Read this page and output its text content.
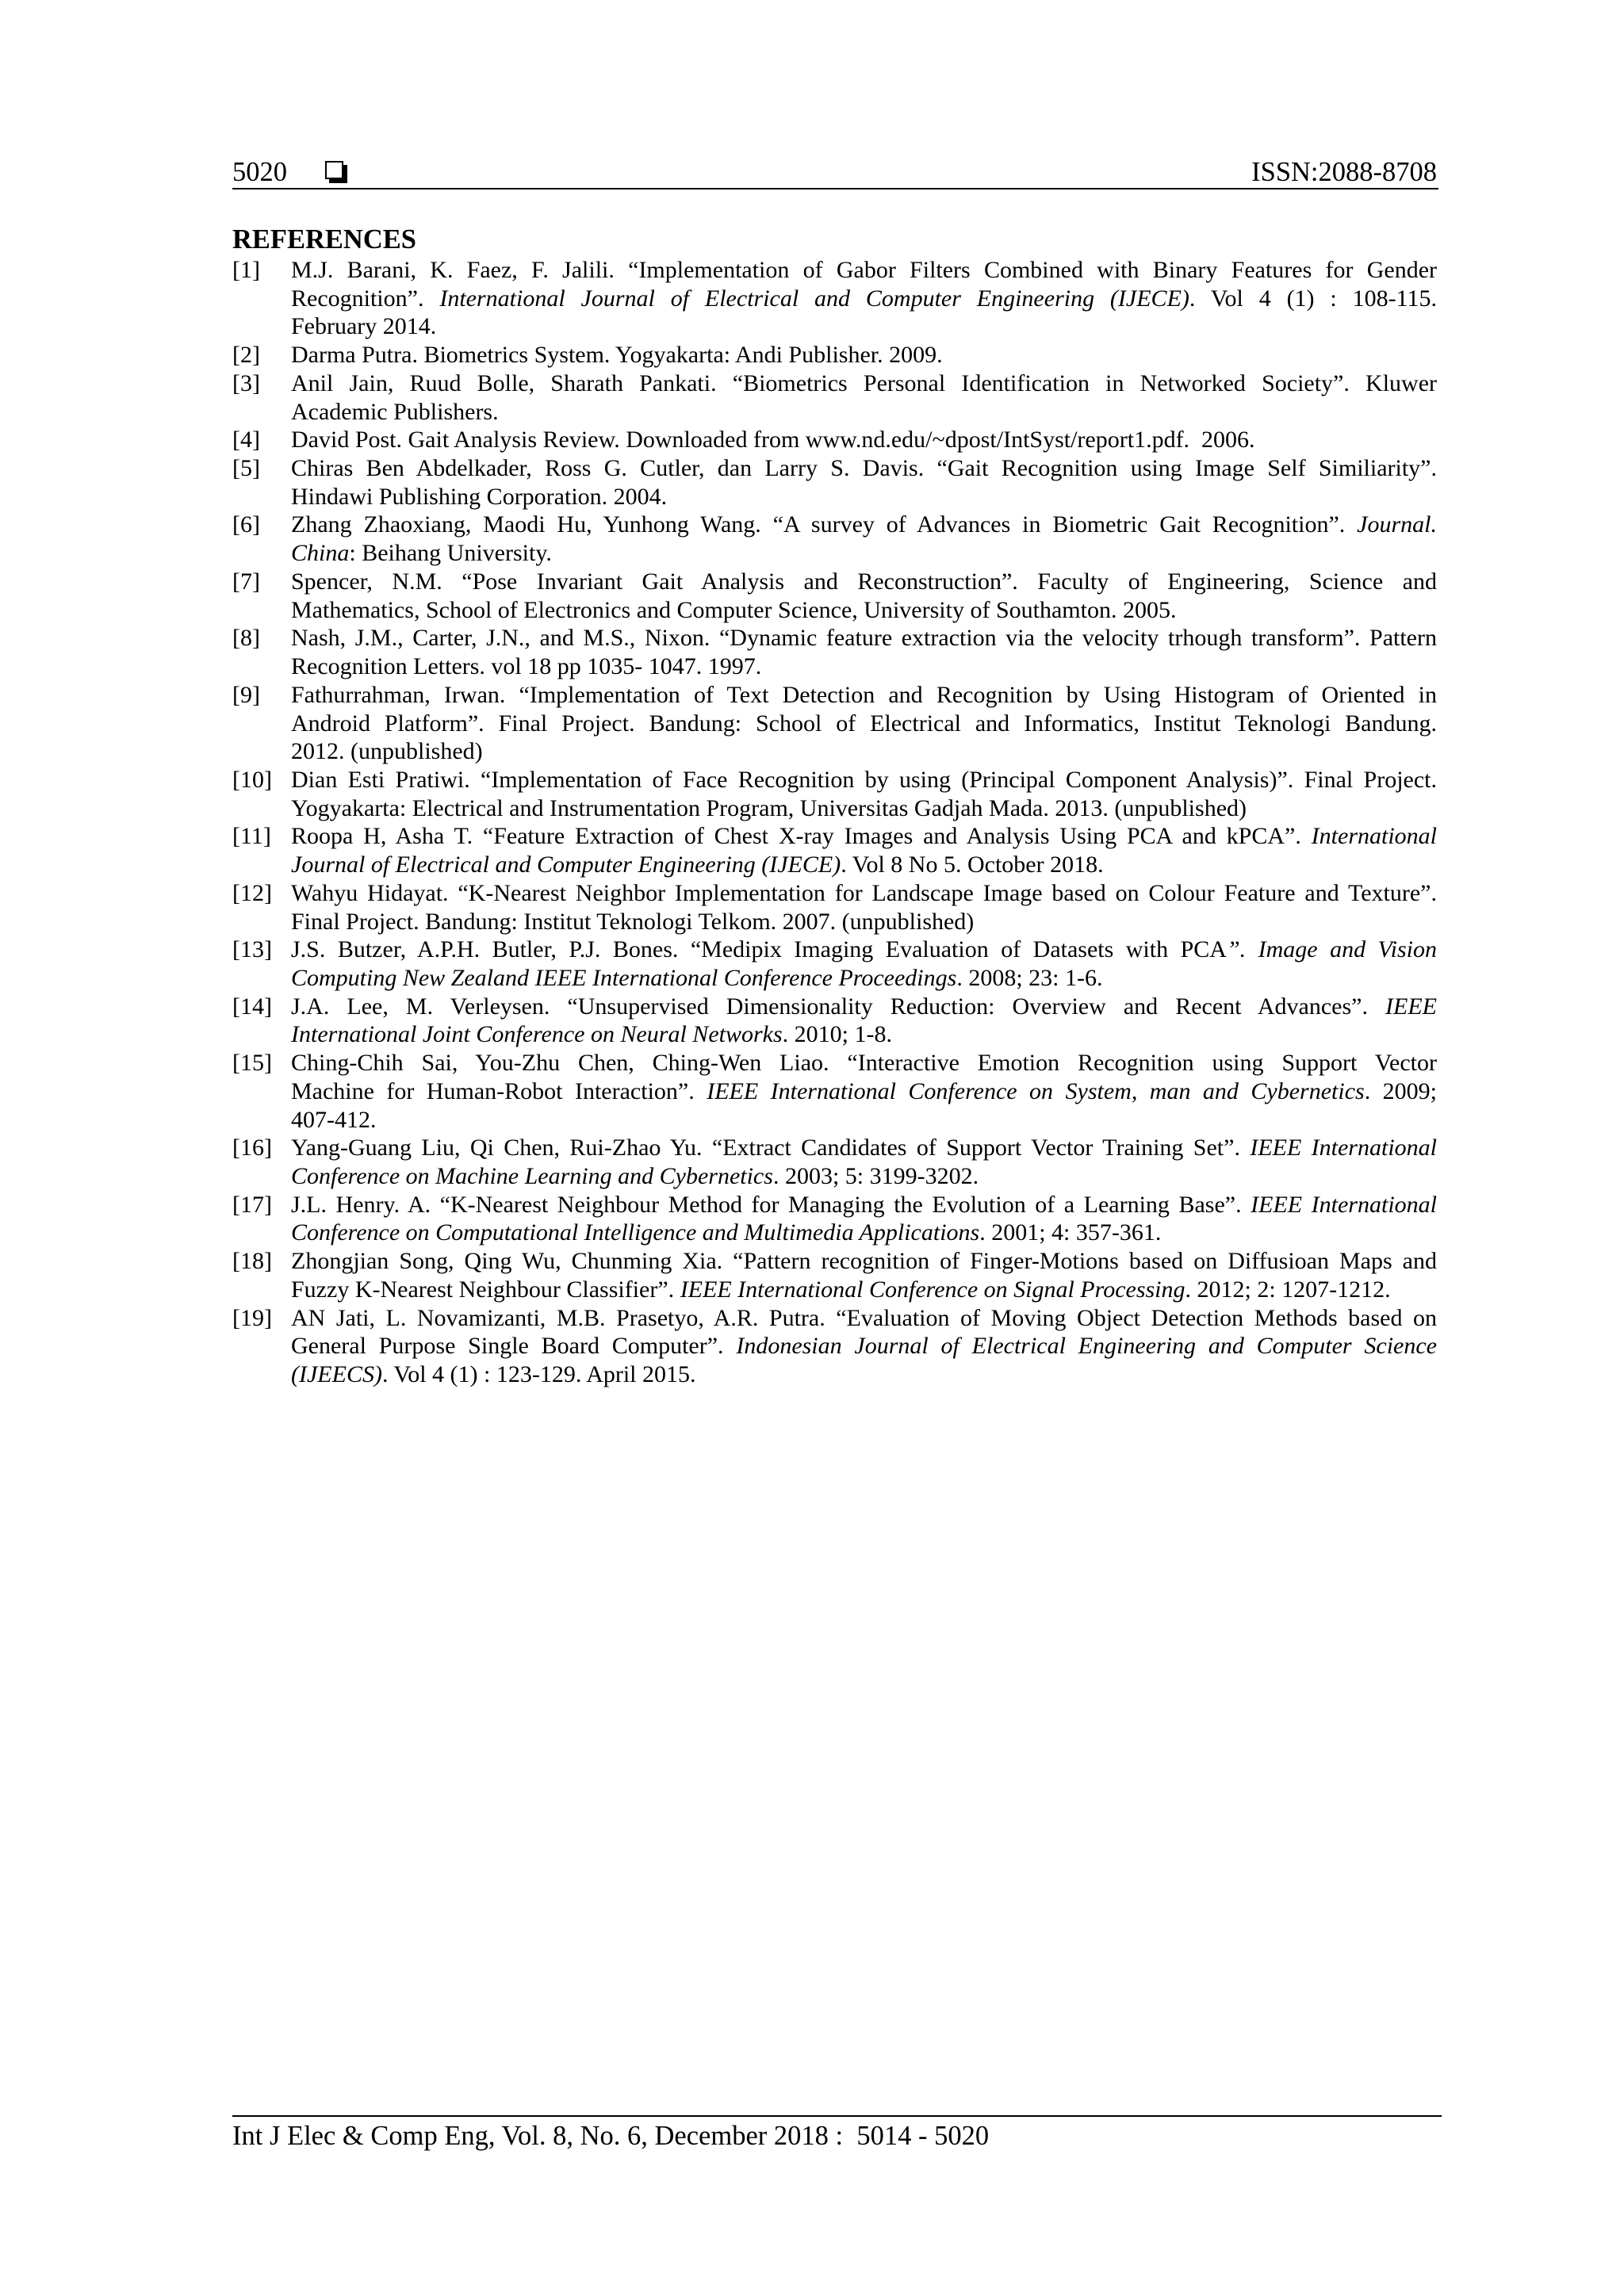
5020	ISSN:2088-8708
REFERENCES
[1] M.J. Barani, K. Faez, F. Jalili. “Implementation of Gabor Filters Combined with Binary Features for Gender
Recognition”. International Journal of Electrical and Computer Engineering (IJECE). Vol 4 (1) : 108-115.
February 2014.
[2] Darma Putra. Biometrics System. Yogyakarta: Andi Publisher. 2009.
[3] Anil Jain, Ruud Bolle, Sharath Pankati. “Biometrics Personal Identification in Networked Society”. Kluwer
Academic Publishers.
[4] David Post. Gait Analysis Review. Downloaded from www.nd.edu/~dpost/IntSyst/report1.pdf.  2006.
[5] Chiras Ben Abdelkader, Ross G. Cutler, dan Larry S. Davis. “Gait Recognition using Image Self Similiarity”.
Hindawi Publishing Corporation. 2004.
[6] Zhang Zhaoxiang, Maodi Hu, Yunhong Wang. “A survey of Advances in Biometric Gait Recognition”. Journal.
China: Beihang University.
[7] Spencer, N.M. “Pose Invariant Gait Analysis and Reconstruction”. Faculty of Engineering, Science and
Mathematics, School of Electronics and Computer Science, University of Southamton. 2005.
[8] Nash, J.M., Carter, J.N., and M.S., Nixon. “Dynamic feature extraction via the velocity trhough transform”. Pattern
Recognition Letters. vol 18 pp 1035- 1047. 1997.
[9] Fathurrahman, Irwan. “Implementation of Text Detection and Recognition by Using Histogram of Oriented in
Android Platform”. Final Project. Bandung: School of Electrical and Informatics, Institut Teknologi Bandung.
2012. (unpublished)
[10] Dian Esti Pratiwi. “Implementation of Face Recognition by using (Principal Component Analysis)”. Final Project.
Yogyakarta: Electrical and Instrumentation Program, Universitas Gadjah Mada. 2013. (unpublished)
[11] Roopa H, Asha T. “Feature Extraction of Chest X-ray Images and Analysis Using PCA and kPCA”. International
Journal of Electrical and Computer Engineering (IJECE). Vol 8 No 5. October 2018.
[12] Wahyu Hidayat. “K-Nearest Neighbor Implementation for Landscape Image based on Colour Feature and Texture”.
Final Project. Bandung: Institut Teknologi Telkom. 2007. (unpublished)
[13] J.S. Butzer, A.P.H. Butler, P.J. Bones. “Medipix Imaging Evaluation of Datasets with PCA”. Image and Vision
Computing New Zealand IEEE International Conference Proceedings. 2008; 23: 1-6.
[14] J.A. Lee, M. Verleysen. “Unsupervised Dimensionality Reduction: Overview and Recent Advances”. IEEE
International Joint Conference on Neural Networks. 2010; 1-8.
[15] Ching-Chih Sai, You-Zhu Chen, Ching-Wen Liao. “Interactive Emotion Recognition using Support Vector
Machine for Human-Robot Interaction”. IEEE International Conference on System, man and Cybernetics. 2009;
407-412.
[16] Yang-Guang Liu, Qi Chen, Rui-Zhao Yu. “Extract Candidates of Support Vector Training Set”. IEEE International
Conference on Machine Learning and Cybernetics. 2003; 5: 3199-3202.
[17] J.L. Henry. A. “K-Nearest Neighbour Method for Managing the Evolution of a Learning Base”. IEEE International
Conference on Computational Intelligence and Multimedia Applications. 2001; 4: 357-361.
[18] Zhongjian Song, Qing Wu, Chunming Xia. “Pattern recognition of Finger-Motions based on Diffusioan Maps and
Fuzzy K-Nearest Neighbour Classifier”. IEEE International Conference on Signal Processing. 2012; 2: 1207-1212.
[19] AN Jati, L. Novamizanti, M.B. Prasetyo, A.R. Putra. “Evaluation of Moving Object Detection Methods based on
General Purpose Single Board Computer”. Indonesian Journal of Electrical Engineering and Computer Science
(IJEECS). Vol 4 (1) : 123-129. April 2015.
Int J Elec & Comp Eng, Vol. 8, No. 6, December 2018 :  5014 - 5020
